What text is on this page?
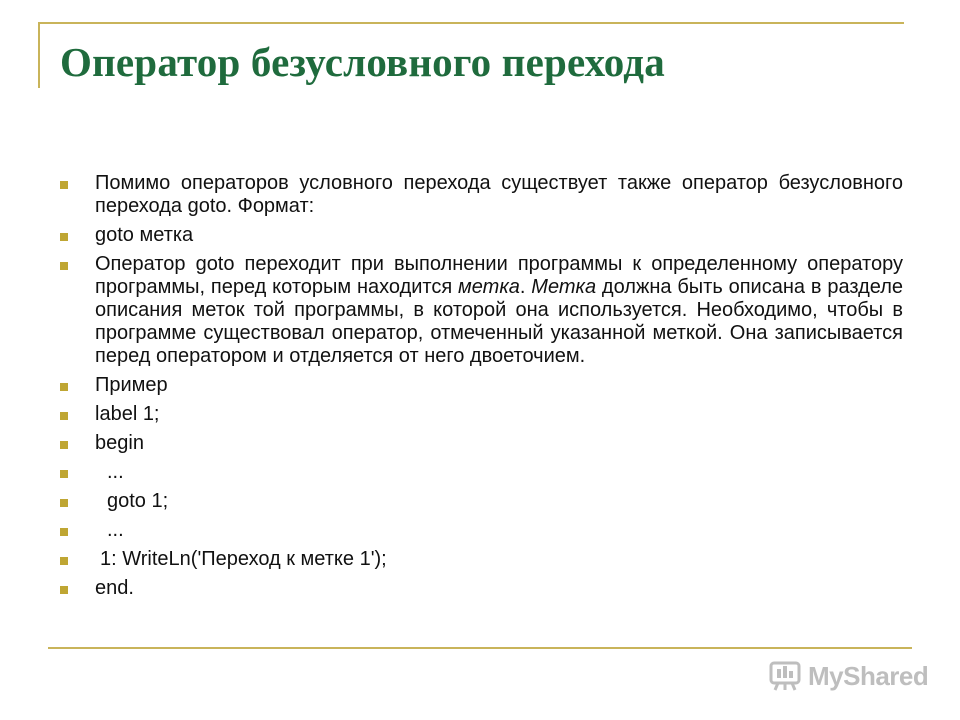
Оператор безусловного перехода
Помимо операторов условного перехода существует также оператор безусловного перехода goto. Формат:
goto метка
Оператор goto переходит при выполнении программы к определенному оператору программы, перед которым находится метка. Метка должна быть описана в разделе описания меток той программы, в которой она используется. Необходимо, чтобы в программе существовал оператор, отмеченный указанной меткой. Она записывается перед оператором и отделяется от него двоеточием.
Пример
label 1;
begin
...
goto 1;
...
1: WriteLn('Переход к метке 1');
end.
MyShared
